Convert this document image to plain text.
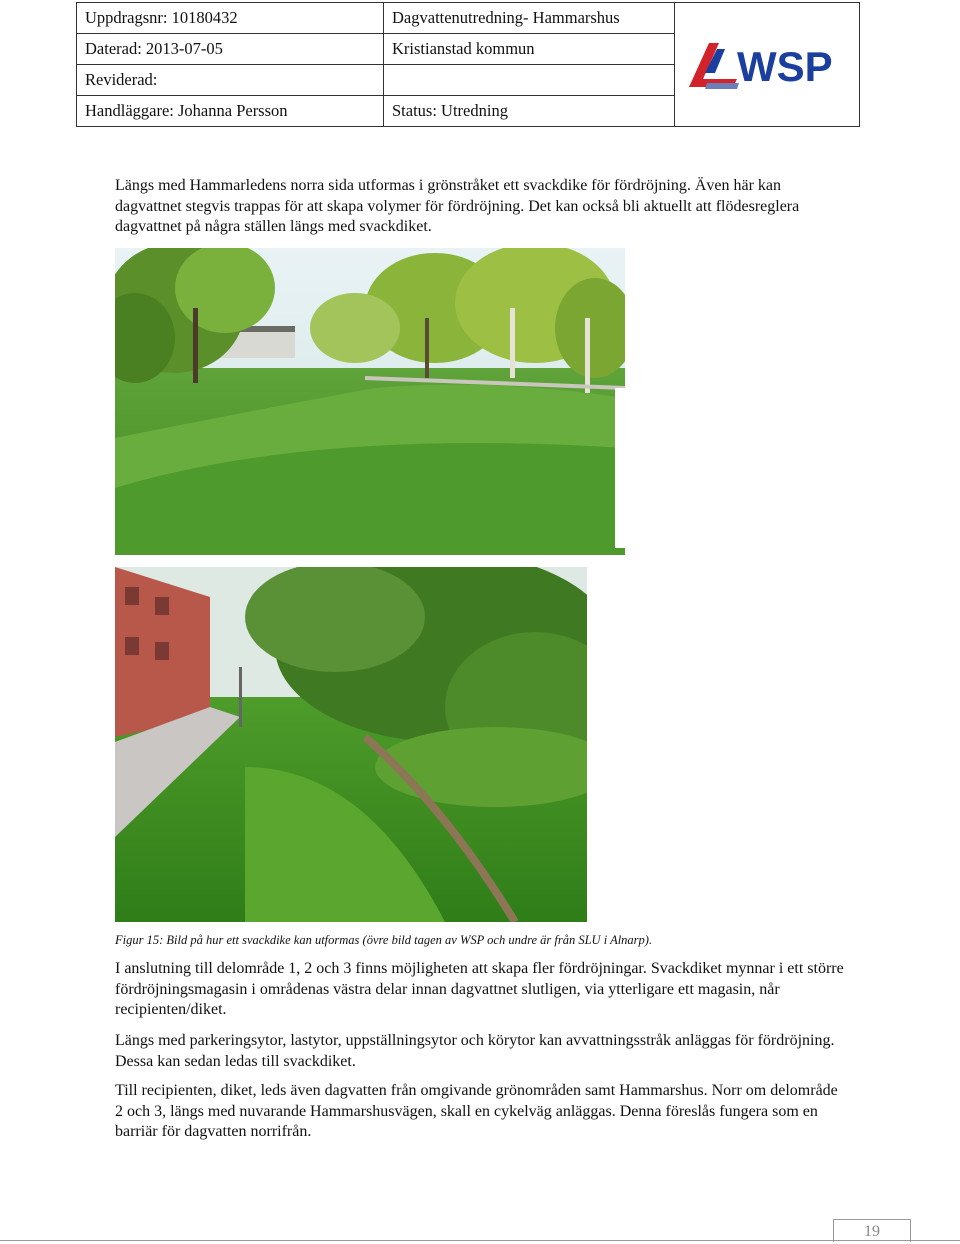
Uppdragsnr: 10180432	Dagvattenutredning- Hammarshus	WSP

Daterad: 2013-07-05	Kristianstad kommun	
Reviderad:		
Handläggare: Johanna Persson	Status: Utredning	

Längs med Hammarledens norra sida utformas i grönstråket ett svackdike för fördröjning. Även här kan dagvattnet stegvis trappas för att skapa volymer för fördröjning. Det kan också bli aktuellt att flödesreglera dagvattnet på några ställen längs med svackdiket.

Figur 15: Bild på hur ett svackdike kan utformas (övre bild tagen av WSP och undre är från SLU i Alnarp).

I anslutning till delområde 1, 2 och 3 finns möjligheten att skapa fler fördröjningar. Svackdiket mynnar i ett större fördröjningsmagasin i områdenas västra delar innan dagvattnet slutligen, via ytterligare ett magasin, når recipienten/diket.

Längs med parkeringsytor, lastytor, uppställningsytor och körytor kan avvattningsstråk anläggas för fördröjning. Dessa kan sedan ledas till svackdiket.

Till recipienten, diket, leds även dagvatten från omgivande grönområden samt Hammarshus. Norr om delområde 2 och 3, längs med nuvarande Hammarshusvägen, skall en cykelväg anläggas. Denna föreslås fungera som en barriär för dagvatten norrifrån.

19
